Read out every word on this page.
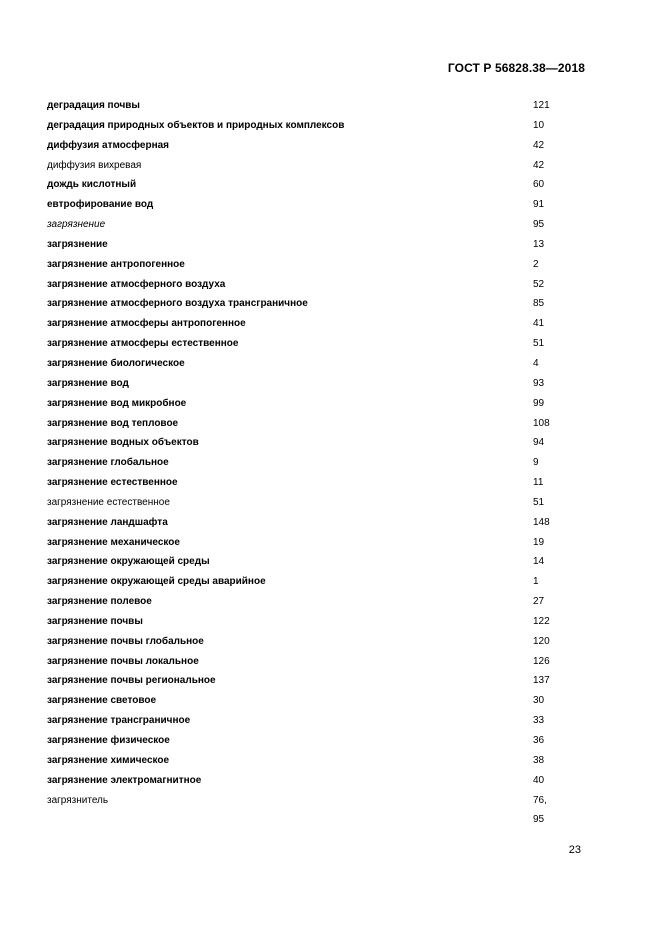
ГОСТ Р 56828.38—2018
деградация почвы	121
деградация природных объектов и природных комплексов	10
диффузия атмосферная	42
диффузия вихревая	42
дождь кислотный	60
евтрофирование вод	91
загрязнение	95
загрязнение	13
загрязнение антропогенное	2
загрязнение атмосферного воздуха	52
загрязнение атмосферного воздуха трансграничное	85
загрязнение атмосферы антропогенное	41
загрязнение атмосферы естественное	51
загрязнение биологическое	4
загрязнение вод	93
загрязнение вод микробное	99
загрязнение вод тепловое	108
загрязнение водных объектов	94
загрязнение глобальное	9
загрязнение естественное	11
загрязнение естественное	51
загрязнение ландшафта	148
загрязнение механическое	19
загрязнение окружающей среды	14
загрязнение окружающей среды аварийное	1
загрязнение полевое	27
загрязнение почвы	122
загрязнение почвы глобальное	120
загрязнение почвы локальное	126
загрязнение почвы региональное	137
загрязнение световое	30
загрязнение трансграничное	33
загрязнение физическое	36
загрязнение химическое	38
загрязнение электромагнитное	40
загрязнитель	76,
95
23
